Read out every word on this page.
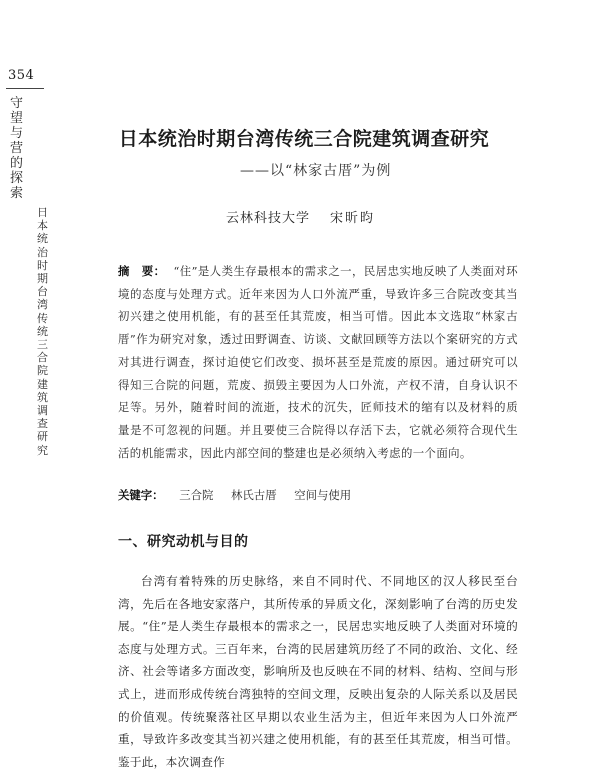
354
守望与营的探索
日本统治时期台湾传统三合院建筑调查研究
日本统治时期台湾传统三合院建筑调查研究
——以“林家古厝”为例
云林科技大学 宋昕昀
摘　要： “住”是人类生存最根本的需求之一，民居忠实地反映了人类面对环境的态度与处理方式。近年来因为人口外流严重，导致许多三合院改变其当初兴建之使用机能，有的甚至任其荒废，相当可惜。因此本文选取“林家古厝”作为研究对象，透过田野调查、访谈、文献回顾等方法以个案研究的方式对其进行调查，探讨迫使它们改变、损坏甚至是荒废的原因。通过研究可以得知三合院的问题，荒废、损毁主要因为人口外流，产权不清，自身认识不足等。另外，随着时间的流逝，技术的沉失，匠师技术的缩有以及材料的质量是不可忽视的问题。并且要使三合院得以存活下去，它就必须符合现代生活的机能需求，因此内部空间的整建也是必须纳入考虑的一个面向。
关键字： 三合院 林氏古厝 空间与使用
一、研究动机与目的

台湾有着特殊的历史脉络，来自不同时代、不同地区的汉人移民至台湾，先后在各地安家落户，其所传承的异质文化，深刻影响了台湾的历史发展。“住”是人类生存最根本的需求之一，民居忠实地反映了人类面对环境的态度与处理方式。三百年来，台湾的民居建筑历经了不同的政治、文化、经济、社会等诸多方面改变，影响所及也反映在不同的材料、结构、空间与形式上，进而形成传统台湾独特的空间文理，反映出复杂的人际关系以及居民的价值观。传统聚落社区早期以农业生活为主，但近年来因为人口外流严重，导致许多改变其当初兴建之使用机能，有的甚至任其荒废，相当可惜。鉴于此，本次调查作
